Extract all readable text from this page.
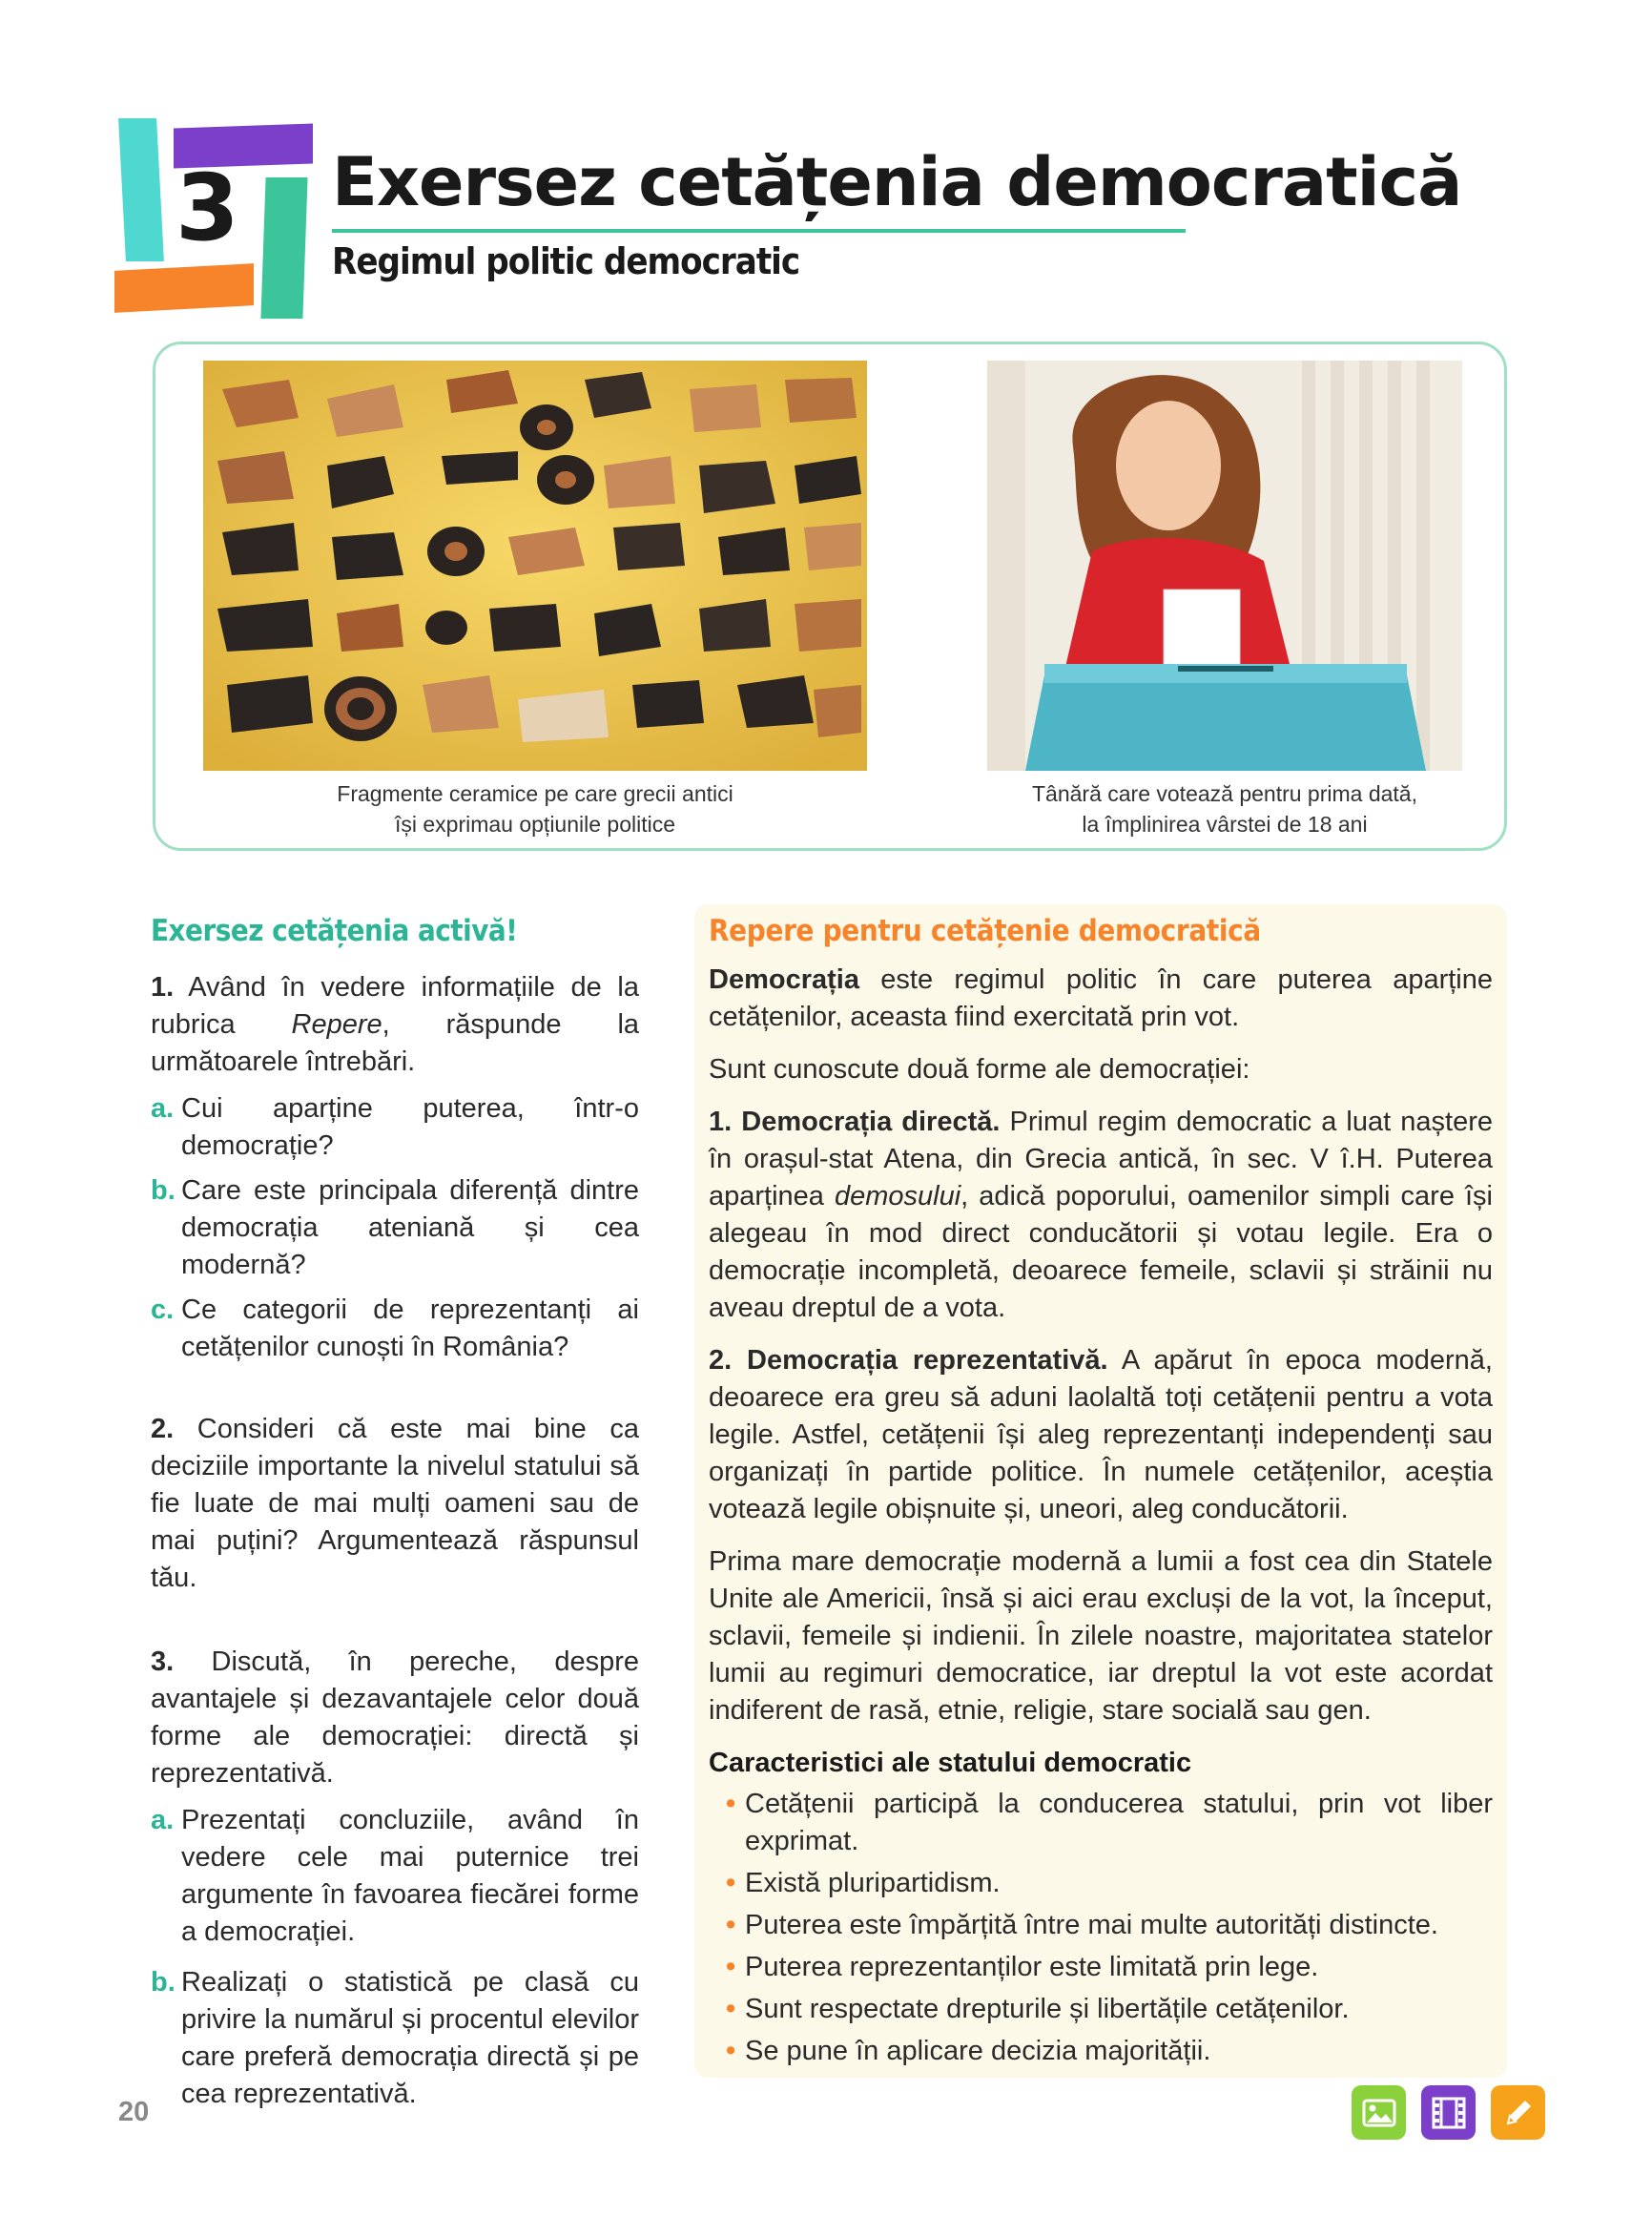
3 Exersez cetățenia democratică
Regimul politic democratic
Fragmente ceramice pe care grecii antici
își exprimau opțiunile politice
Tânără care votează pentru prima dată,
la împlinirea vârstei de 18 ani
Exersez cetățenia activă!
1. Având în vedere informațiile de la rubrica Repere, răspunde la următoarele întrebări.
a. Cui aparține puterea, într-o democrație?
b. Care este principala diferență dintre democrația ateniană și cea modernă?
c. Ce categorii de reprezentanți ai cetățenilor cunoști în România?
2. Consideri că este mai bine ca deciziile importante la nivelul statului să fie luate de mai mulți oameni sau de mai puțini? Argumentează răspunsul tău.
3. Discută, în pereche, despre avantajele și dezavantajele celor două forme ale democrației: directă și reprezentativă.
a. Prezentați concluziile, având în vedere cele mai puternice trei argumente în favoarea fiecărei forme a democrației.
b. Realizați o statistică pe clasă cu privire la numărul și procentul elevilor care preferă democrația directă și pe cea reprezentativă.
Repere pentru cetățenie democratică
Democrația este regimul politic în care puterea aparține cetățenilor, aceasta fiind exercitată prin vot.
Sunt cunoscute două forme ale democrației:
1. Democrația directă. Primul regim democratic a luat naștere în orașul-stat Atena, din Grecia antică, în sec. V î.H. Puterea aparținea demosului, adică poporului, oamenilor simpli care își alegeau în mod direct conducătorii și votau legile. Era o democrație incompletă, deoarece femeile, sclavii și străinii nu aveau dreptul de a vota.
2. Democrația reprezentativă. A apărut în epoca modernă, deoarece era greu să aduni laolaltă toți cetățenii pentru a vota legile. Astfel, cetățenii își aleg reprezentanți independenți sau organizați în partide politice. În numele cetățenilor, aceștia votează legile obișnuite și, uneori, aleg conducătorii.
Prima mare democrație modernă a lumii a fost cea din Statele Unite ale Americii, însă și aici erau excluși de la vot, la început, sclavii, femeile și indienii. În zilele noastre, majoritatea statelor lumii au regimuri democratice, iar dreptul la vot este acordat indiferent de rasă, etnie, religie, stare socială sau gen.
Caracteristici ale statului democratic
• Cetățenii participă la conducerea statului, prin vot liber exprimat.
• Există pluripartidism.
• Puterea este împărțită între mai multe autorități distincte.
• Puterea reprezentanților este limitată prin lege.
• Sunt respectate drepturile și libertățile cetățenilor.
• Se pune în aplicare decizia majorității.
20
